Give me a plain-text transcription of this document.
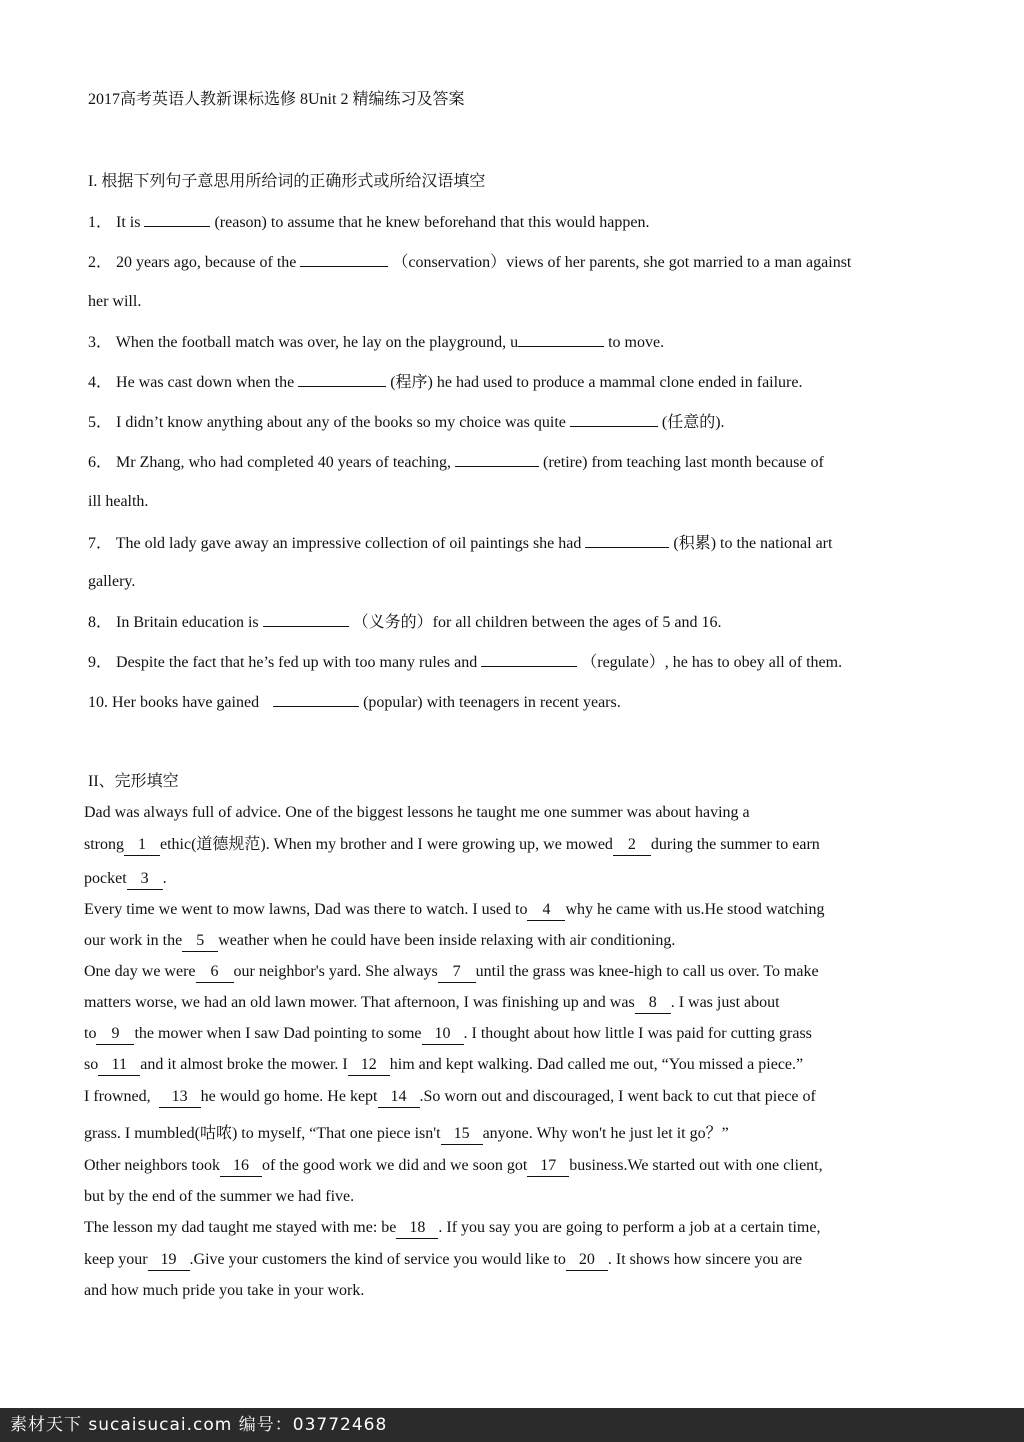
2017高考英语人教新课标选修 8Unit 2 精编练习及答案
I. 根据下列句子意思用所给词的正确形式或所给汉语填空
1． It is	(reason) to assume that he knew beforehand that this would happen.
2． 20 years ago, because of the	（conservation）views of her parents, she got married to a man against
her will.
3． When the football match was over, he lay on the playground, u	to move.
4． He was cast down when the	(程序) he had used to produce a mammal clone ended in failure.
5． I didn’t know anything about any of the books so my choice was quite	(任意的).
6． Mr Zhang, who had completed 40 years of teaching,	(retire) from teaching last month because of
ill health.
7． The old lady gave away an impressive collection of oil paintings she had	(积累) to the national art
gallery.
8． In Britain education is	（义务的）for all children between the ages of 5 and 16.
9． Despite the fact that he’s fed up with too many rules and	（regulate）, he has to obey all of them.
10. Her books have gained	(popular) with teenagers in recent years.
II、完形填空
Dad was always full of advice. One of the biggest lessons he taught me one summer was about having a
strong 1 ethic(道德规范). When my brother and I were growing up, we mowed 2 during the summer to earn
pocket 3 .
Every time we went to mow lawns, Dad was there to watch. I used to 4 why he came with us.He stood watching
our work in the 5 weather when he could have been inside relaxing with air conditioning.
One day we were 6 our neighbor's yard. She always 7 until the grass was knee-high to call us over. To make
matters worse, we had an old lawn mower. That afternoon, I was finishing up and was 8 . I was just about
to 9 the mower when I saw Dad pointing to some 10 . I thought about how little I was paid for cutting grass
so 11 and it almost broke the mower. I 12 him and kept walking. Dad called me out, “You missed a piece.”
I frowned, 13 he would go home. He kept 14 .So worn out and discouraged, I went back to cut that piece of
grass. I mumbled(咕哝) to myself, “That one piece isn't 15 anyone. Why won't he just let it go？”
Other neighbors took 16 of the good work we did and we soon got 17 business.We started out with one client,
but by the end of the summer we had five.
The lesson my dad taught me stayed with me: be 18 . If you say you are going to perform a job at a certain time,
keep your 19 .Give your customers the kind of service you would like to 20 . It shows how sincere you are
and how much pride you take in your work.
素材天下 sucaisucai.com 编号：03772468
